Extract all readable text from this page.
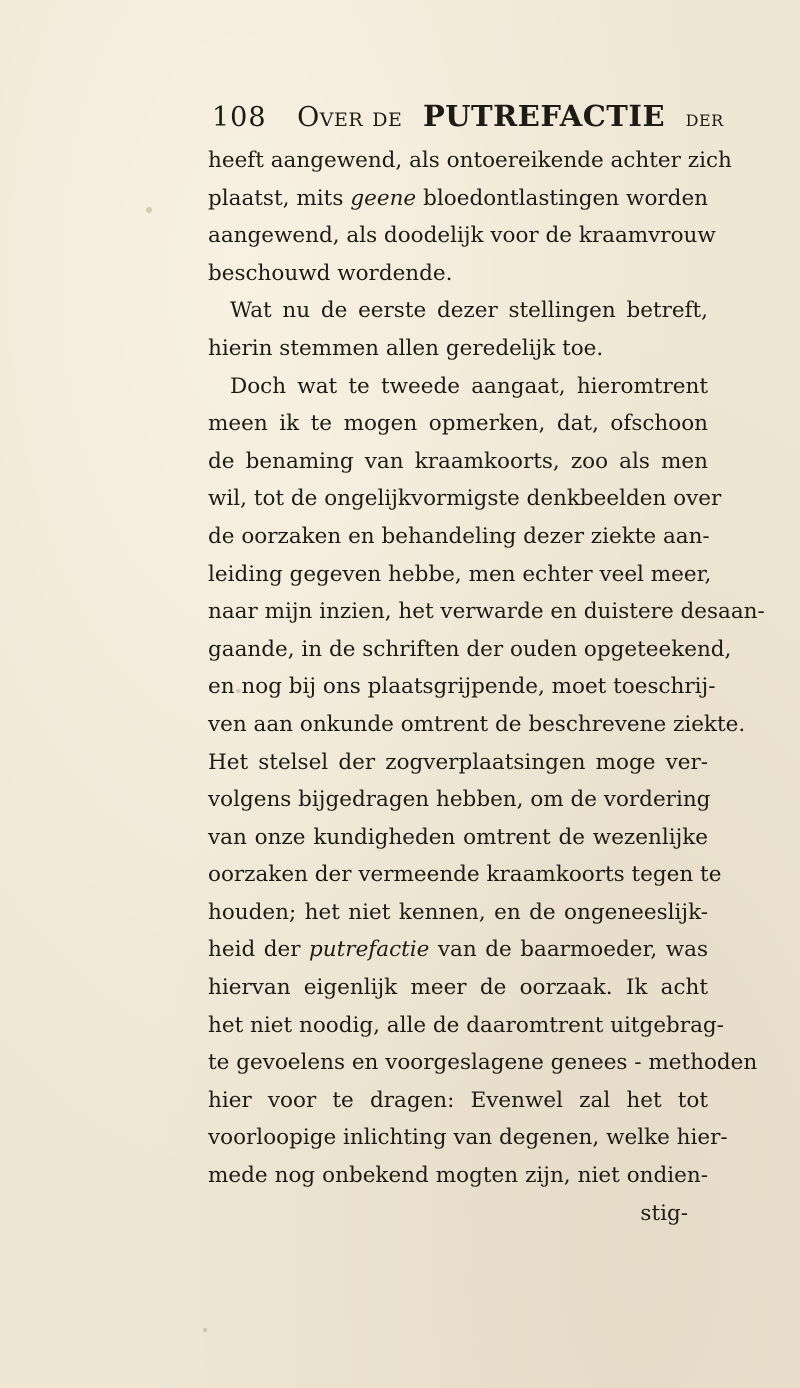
108 Over de PUTREFACTIE der
heeft aangewend, als ontoereikende achter zich
plaatst, mits geene bloedontlastingen worden
aangewend, als doodelijk voor de kraamvrouw
beschouwd wordende.
Wat nu de eerste dezer stellingen betreft,
hierin stemmen allen geredelijk toe.
Doch wat te tweede aangaat, hieromtrent
meen ik te mogen opmerken, dat, ofschoon
de benaming van kraamkoorts, zoo als men
wil, tot de ongelijkvormigste denkbeelden over
de oorzaken en behandeling dezer ziekte aan-
leiding gegeven hebbe, men echter veel meer,
naar mijn inzien, het verwarde en duistere desaan-
gaande, in de schriften der ouden opgeteekend,
en nog bij ons plaatsgrijpende, moet toeschrij-
ven aan onkunde omtrent de beschrevene ziekte.
Het stelsel der zogverplaatsingen moge ver-
volgens bijgedragen hebben, om de vordering
van onze kundigheden omtrent de wezenlijke
oorzaken der vermeende kraamkoorts tegen te
houden; het niet kennen, en de ongeneeslijk-
heid der putrefactie van de baarmoeder, was
hiervan eigenlijk meer de oorzaak. Ik acht
het niet noodig, alle de daaromtrent uitgebrag-
te gevoelens en voorgeslagene genees - methoden
hier voor te dragen: Evenwel zal het tot
voorloopige inlichting van degenen, welke hier-
mede nog onbekend mogten zijn, niet ondien-
stig-
